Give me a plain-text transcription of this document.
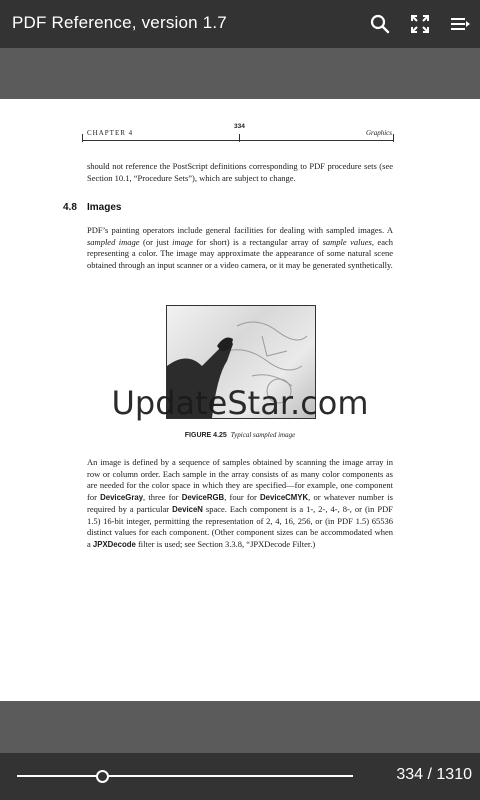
PDF Reference, version 1.7
CHAPTER 4
334
Graphics
should not reference the PostScript definitions corresponding to PDF procedure sets (see Section 10.1, “Procedure Sets”), which are subject to change.
4.8 Images
PDF’s painting operators include general facilities for dealing with sampled images. A sampled image (or just image for short) is a rectangular array of sample values, each representing a color. The image may approximate the appearance of some natural scene obtained through an input scanner or a video camera, or it may be generated synthetically.
UpdateStar.com
FIGURE 4.25 Typical sampled image
An image is defined by a sequence of samples obtained by scanning the image array in row or column order. Each sample in the array consists of as many color components as are needed for the color space in which they are specified—for example, one component for DeviceGray, three for DeviceRGB, four for DeviceCMYK, or whatever number is required by a particular DeviceN space. Each component is a 1-, 2-, 4-, 8-, or (in PDF 1.5) 16-bit integer, permitting the representation of 2, 4, 16, 256, or (in PDF 1.5) 65536 distinct values for each component. (Other component sizes can be accommodated when a JPXDecode filter is used; see Section 3.3.8, “JPXDecode Filter.)
334 / 1310
